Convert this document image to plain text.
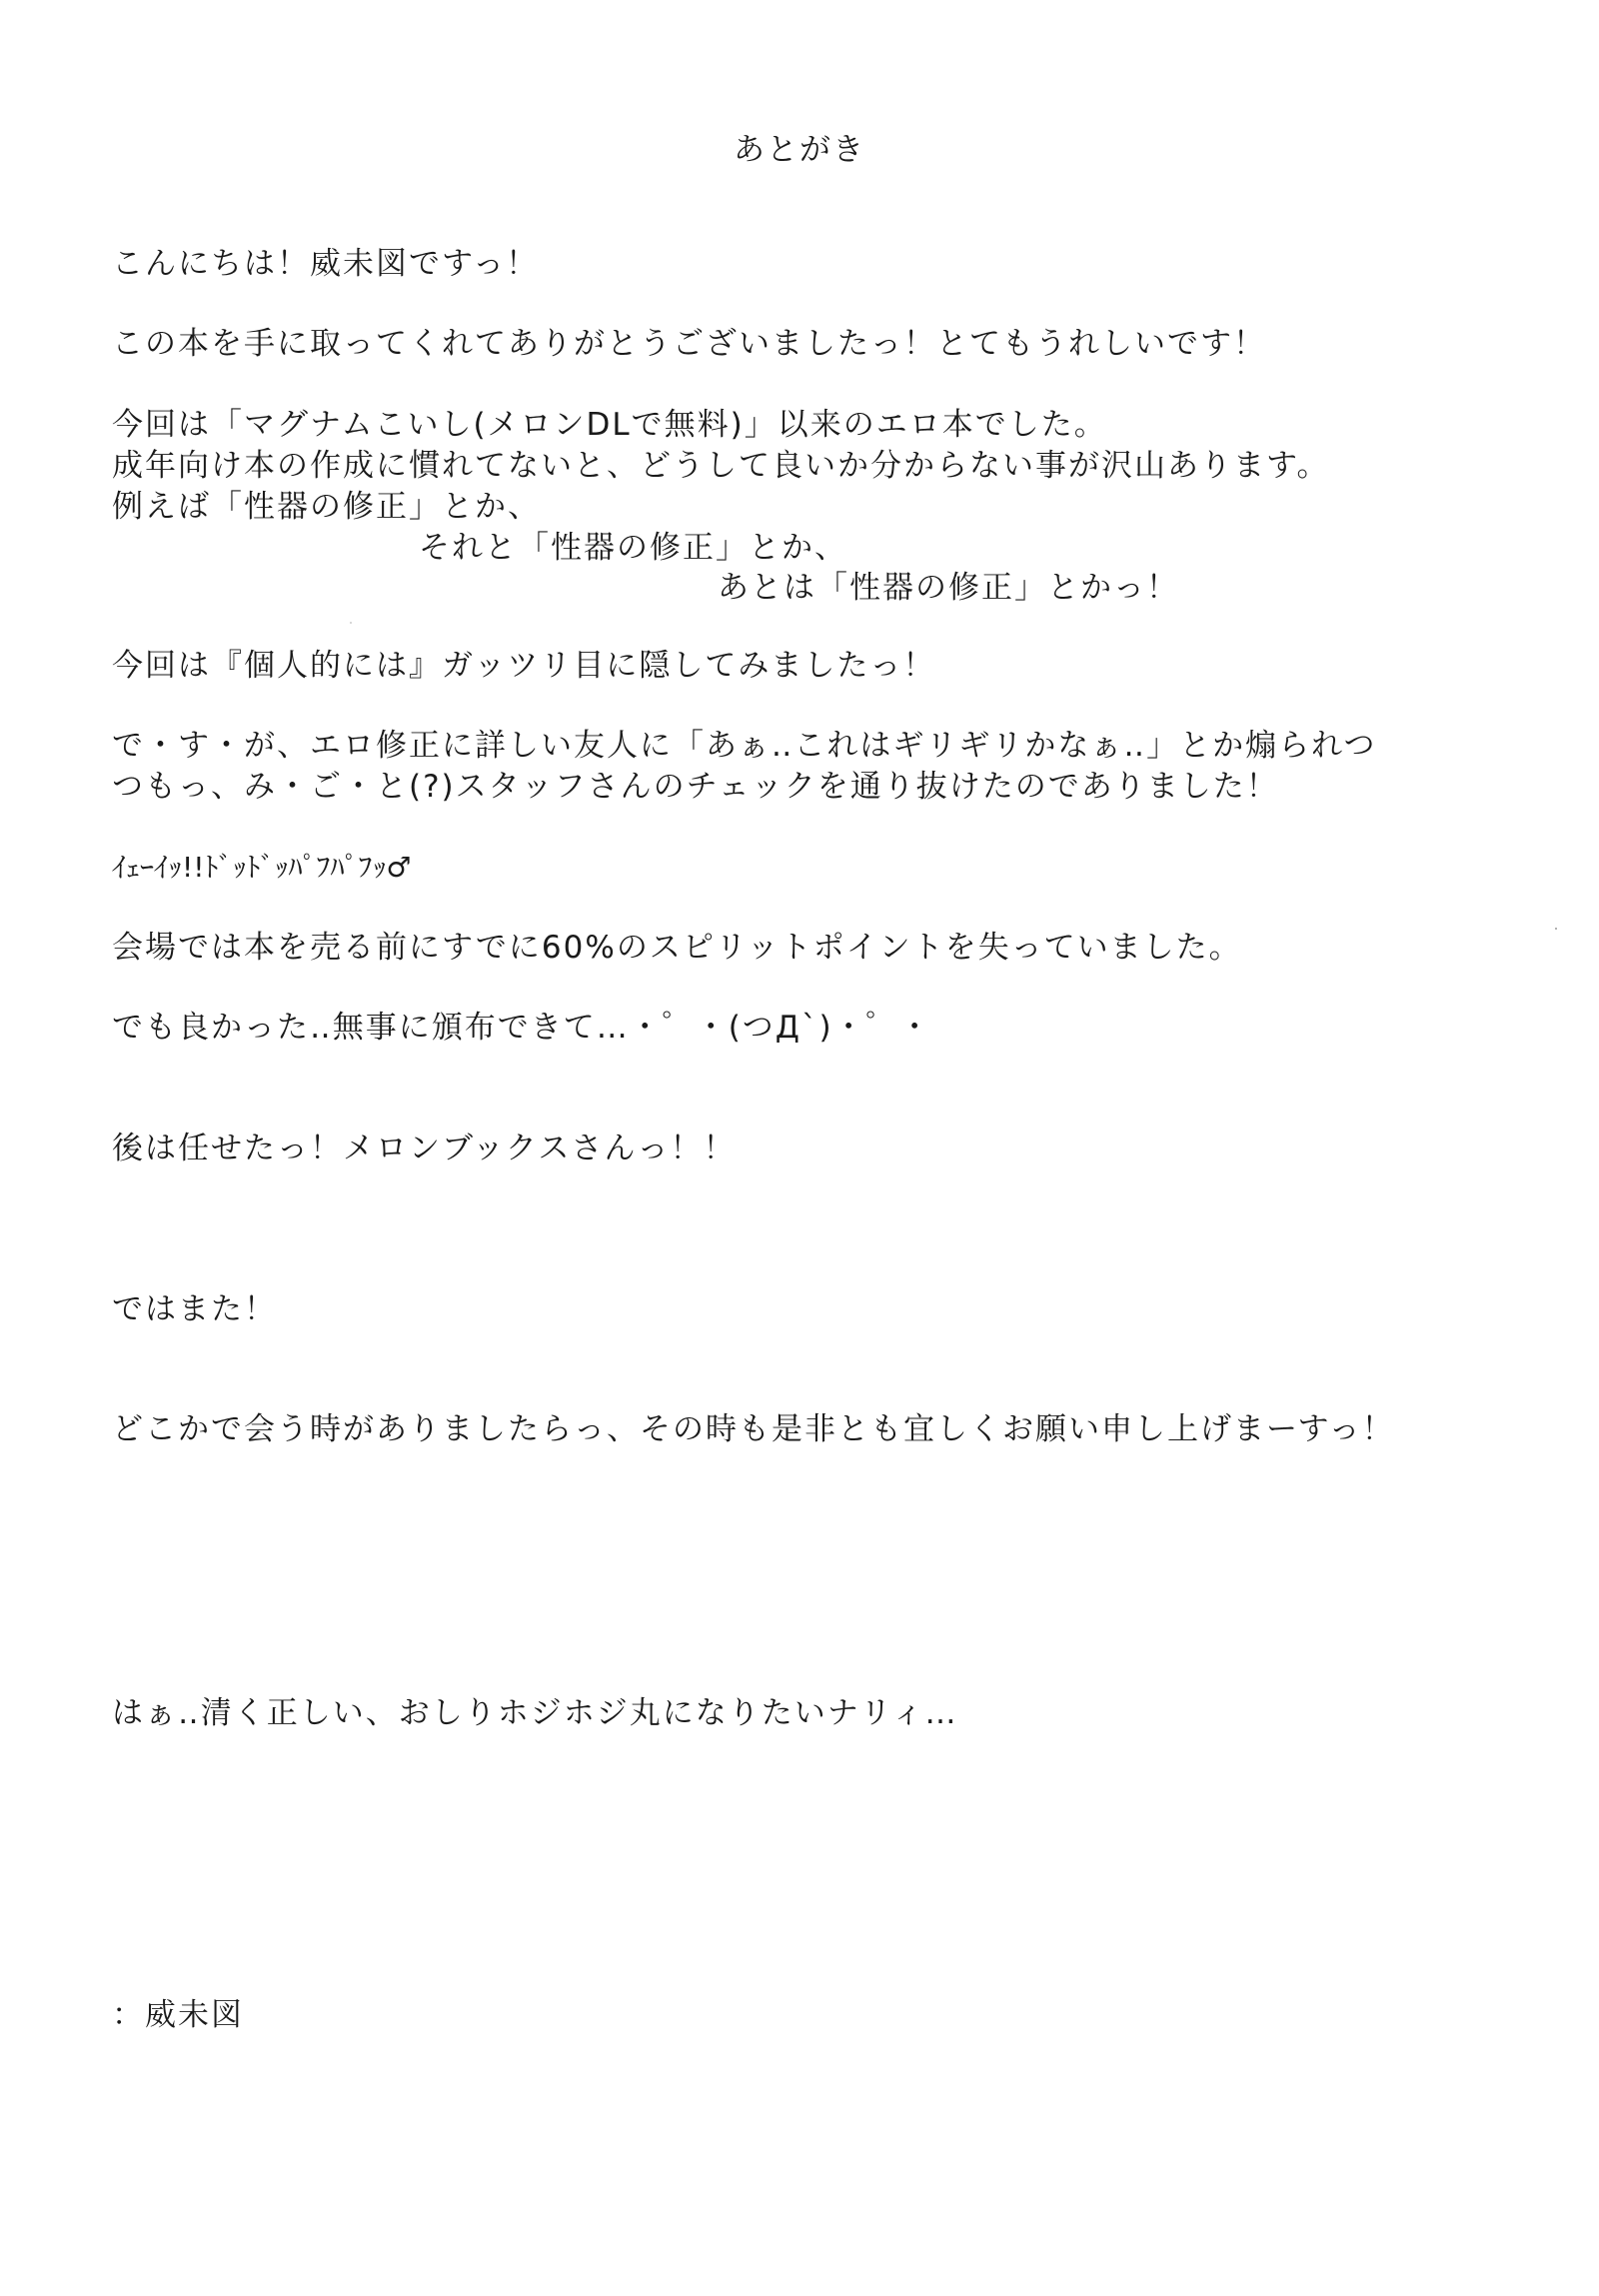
あとがき
こんにちは！威未図ですっ！
この本を手に取ってくれてありがとうございましたっ！とてもうれしいです！
今回は「マグナムこいし(メロンDLで無料)」以来のエロ本でした。
成年向け本の作成に慣れてないと、どうして良いか分からない事が沢山あります。
例えば「性器の修正」とか、
それと「性器の修正」とか、
あとは「性器の修正」とかっ！
今回は『個人的には』ガッツリ目に隠してみましたっ！
で・す・が、エロ修正に詳しい友人に「あぁ‥これはギリギリかなぁ‥」とか煽られつ
つもっ、み・ご・と(?)スタッフさんのチェックを通り抜けたのでありました！
ｲｪｰｲｯ!!ﾄﾞｯﾄﾞｯﾊﾟﾌﾊﾟﾌｯ♂
会場では本を売る前にすでに60%のスピリットポイントを失っていました。
でも良かった‥無事に頒布できて…・゜・(つД`)・゜・
後は任せたっ！メロンブックスさんっ！！
ではまた！
どこかで会う時がありましたらっ、その時も是非とも宜しくお願い申し上げまーすっ！
はぁ‥清く正しい、おしりホジホジ丸になりたいナリィ…
：威未図
